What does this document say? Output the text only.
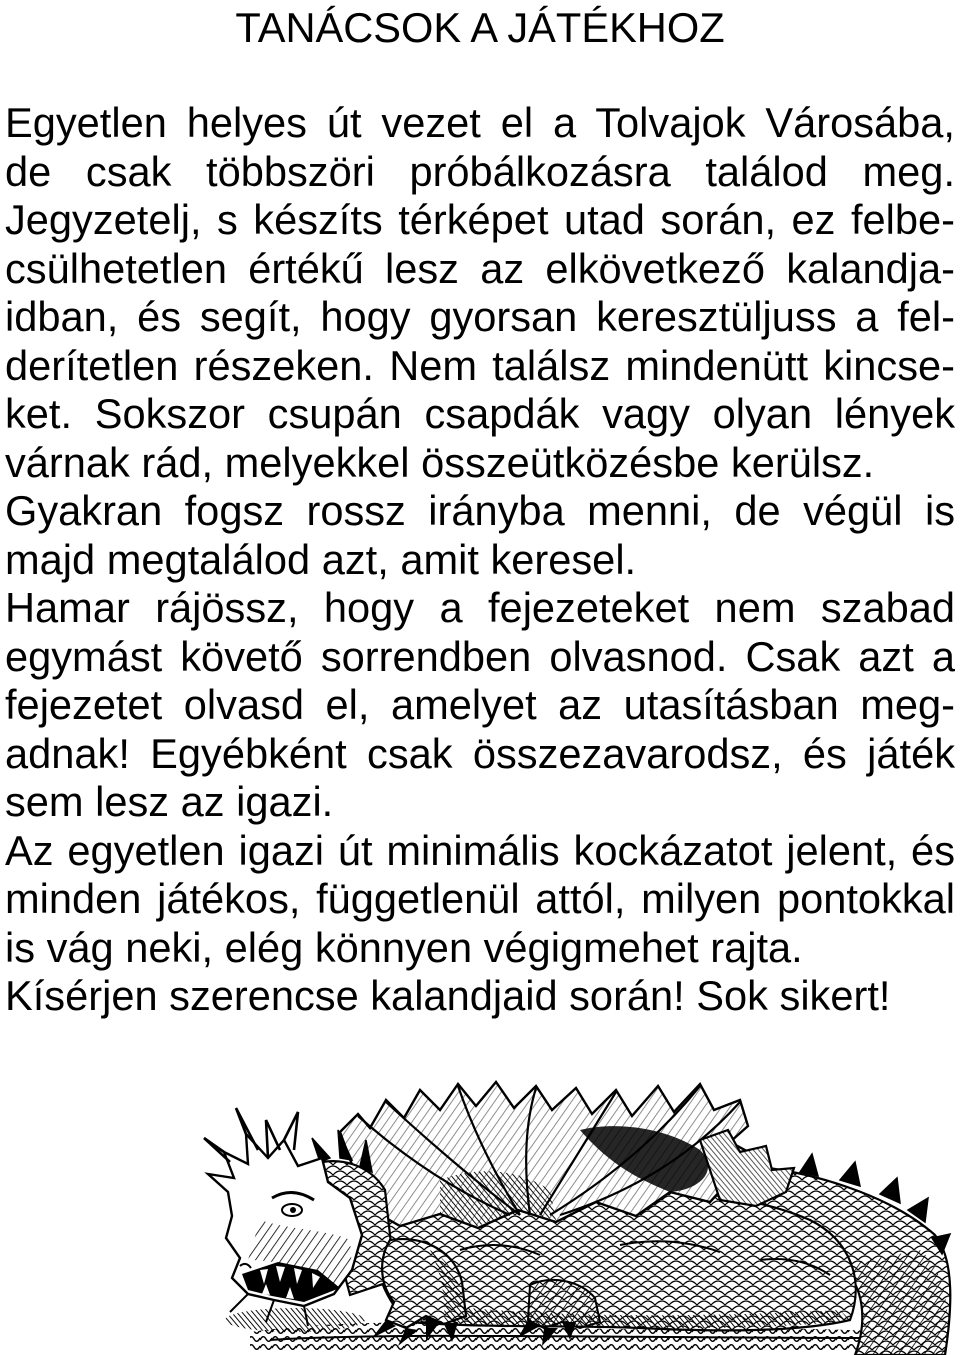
TANÁCSOK A JÁTÉKHOZ
Egyetlen helyes út vezet el a Tolvajok Városába,
de csak többszöri próbálkozásra találod meg.
Jegyzetelj, s készíts térképet utad során, ez felbe-
csülhetetlen értékű lesz az elkövetkező kalandja-
idban, és segít, hogy gyorsan keresztüljuss a fel-
derítetlen részeken. Nem találsz mindenütt kincse-
ket. Sokszor csupán csapdák vagy olyan lények
várnak rád, melyekkel összeütközésbe kerülsz.
Gyakran fogsz rossz irányba menni, de végül is
majd megtalálod azt, amit keresel.
Hamar rájössz, hogy a fejezeteket nem szabad
egymást követő sorrendben olvasnod. Csak azt a
fejezetet olvasd el, amelyet az utasításban meg-
adnak! Egyébként csak összezavarodsz, és játék
sem lesz az igazi.
Az egyetlen igazi út minimális kockázatot jelent, és
minden játékos, függetlenül attól, milyen pontokkal
is vág neki, elég könnyen végigmehet rajta.
Kísérjen szerencse kalandjaid során! Sok sikert!
